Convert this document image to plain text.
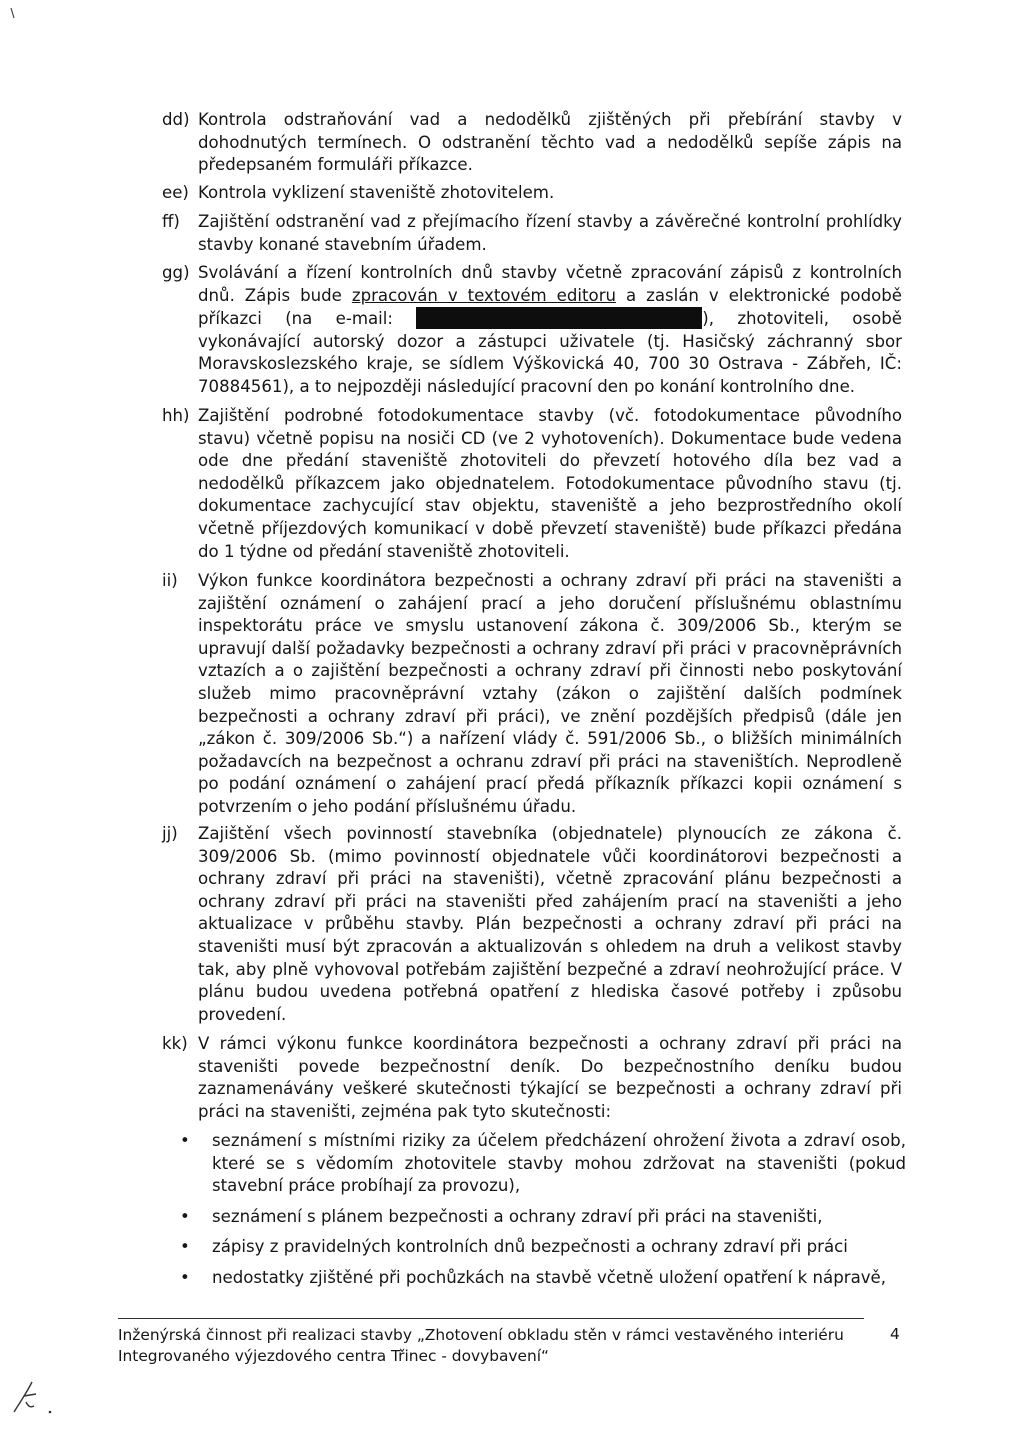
dd) Kontrola odstraňování vad a nedodělků zjištěných při přebírání stavby v dohodnutých termínech. O odstranění těchto vad a nedodělků sepíše zápis na předepsaném formuláři příkazce.
ee) Kontrola vyklizení staveniště zhotovitelem.
ff) Zajištění odstranění vad z přejímacího řízení stavby a závěrečné kontrolní prohlídky stavby konané stavebním úřadem.
gg) Svolávání a řízení kontrolních dnů stavby včetně zpracování zápisů z kontrolních dnů. Zápis bude zpracován v textovém editoru a zaslán v elektronické podobě příkazci (na e-mail:	), zhotoviteli, osobě vykonávající autorský dozor a zástupci uživatele (tj. Hasičský záchranný sbor Moravskoslezského kraje, se sídlem Výškovická 40, 700 30 Ostrava - Zábřeh, IČ: 70884561), a to nejpozději následující pracovní den po konání kontrolního dne.
hh) Zajištění podrobné fotodokumentace stavby (vč. fotodokumentace původního stavu) včetně popisu na nosiči CD (ve 2 vyhotoveních). Dokumentace bude vedena ode dne předání staveniště zhotoviteli do převzetí hotového díla bez vad a nedodělků příkazcem jako objednatelem. Fotodokumentace původního stavu (tj. dokumentace zachycující stav objektu, staveniště a jeho bezprostředního okolí včetně příjezdových komunikací v době převzetí staveniště) bude příkazci předána do 1 týdne od předání staveniště zhotoviteli.
ii) Výkon funkce koordinátora bezpečnosti a ochrany zdraví při práci na staveništi a zajištění oznámení o zahájení prací a jeho doručení příslušnému oblastnímu inspektorátu práce ve smyslu ustanovení zákona č. 309/2006 Sb., kterým se upravují další požadavky bezpečnosti a ochrany zdraví při práci v pracovněprávních vztazích a o zajištění bezpečnosti a ochrany zdraví při činnosti nebo poskytování služeb mimo pracovněprávní vztahy (zákon o zajištění dalších podmínek bezpečnosti a ochrany zdraví při práci), ve znění pozdějších předpisů (dále jen „zákon č. 309/2006 Sb.“) a nařízení vlády č. 591/2006 Sb., o bližších minimálních požadavcích na bezpečnost a ochranu zdraví při práci na staveništích. Neprodleně po podání oznámení o zahájení prací předá příkazník příkazci kopii oznámení s potvrzením o jeho podání příslušnému úřadu.
jj) Zajištění všech povinností stavebníka (objednatele) plynoucích ze zákona č. 309/2006 Sb. (mimo povinností objednatele vůči koordinátorovi bezpečnosti a ochrany zdraví při práci na staveništi), včetně zpracování plánu bezpečnosti a ochrany zdraví při práci na staveništi před zahájením prací na staveništi a jeho aktualizace v průběhu stavby. Plán bezpečnosti a ochrany zdraví při práci na staveništi musí být zpracován a aktualizován s ohledem na druh a velikost stavby tak, aby plně vyhovoval potřebám zajištění bezpečné a zdraví neohrožující práce. V plánu budou uvedena potřebná opatření z hlediska časové potřeby i způsobu provedení.
kk) V rámci výkonu funkce koordinátora bezpečnosti a ochrany zdraví při práci na staveništi povede bezpečnostní deník. Do bezpečnostního deníku budou zaznamenávány veškeré skutečnosti týkající se bezpečnosti a ochrany zdraví při práci na staveništi, zejména pak tyto skutečnosti:
• seznámení s místními riziky za účelem předcházení ohrožení života a zdraví osob, které se s vědomím zhotovitele stavby mohou zdržovat na staveništi (pokud stavební práce probíhají za provozu),
• seznámení s plánem bezpečnosti a ochrany zdraví při práci na staveništi,
• zápisy z pravidelných kontrolních dnů bezpečnosti a ochrany zdraví při práci
• nedostatky zjištěné při pochůzkách na stavbě včetně uložení opatření k nápravě,
Inženýrská činnost při realizaci stavby „Zhotovení obkladu stěn v rámci vestavěného interiéru
Integrovaného výjezdového centra Třinec - dovybavení“
4
